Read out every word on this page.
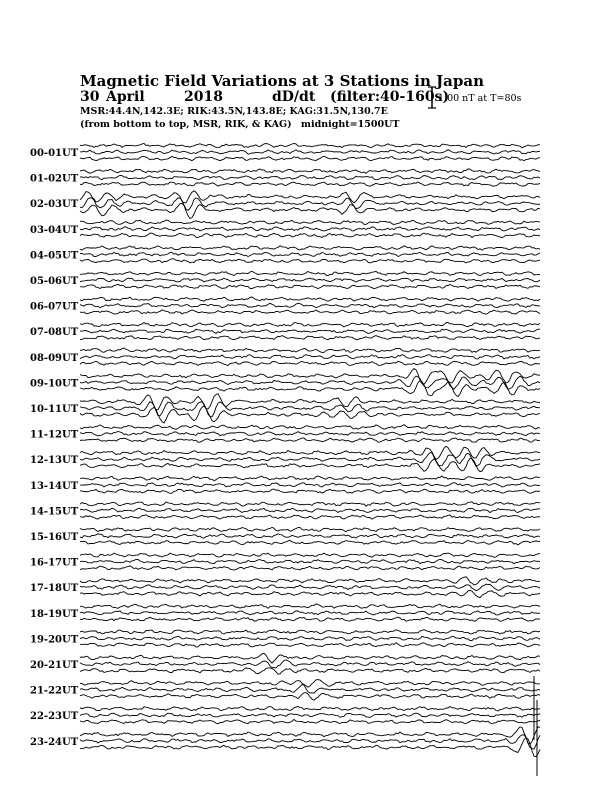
Magnetic Field Variations at 3 Stations in Japan
30 April	2018	dD/dt (filter:40-160s)
MSR:44.4N,142.3E; RIK:43.5N,143.8E; KAG:31.5N,130.7E
(from bottom to top, MSR, RIK, & KAG) midnight=1500UT
1.00 nT at T=80s
00-01UT
01-02UT
02-03UT
03-04UT
04-05UT
05-06UT
06-07UT
07-08UT
08-09UT
09-10UT
10-11UT
11-12UT
12-13UT
13-14UT
14-15UT
15-16UT
16-17UT
17-18UT
18-19UT
19-20UT
20-21UT
21-22UT
22-23UT
23-24UT
